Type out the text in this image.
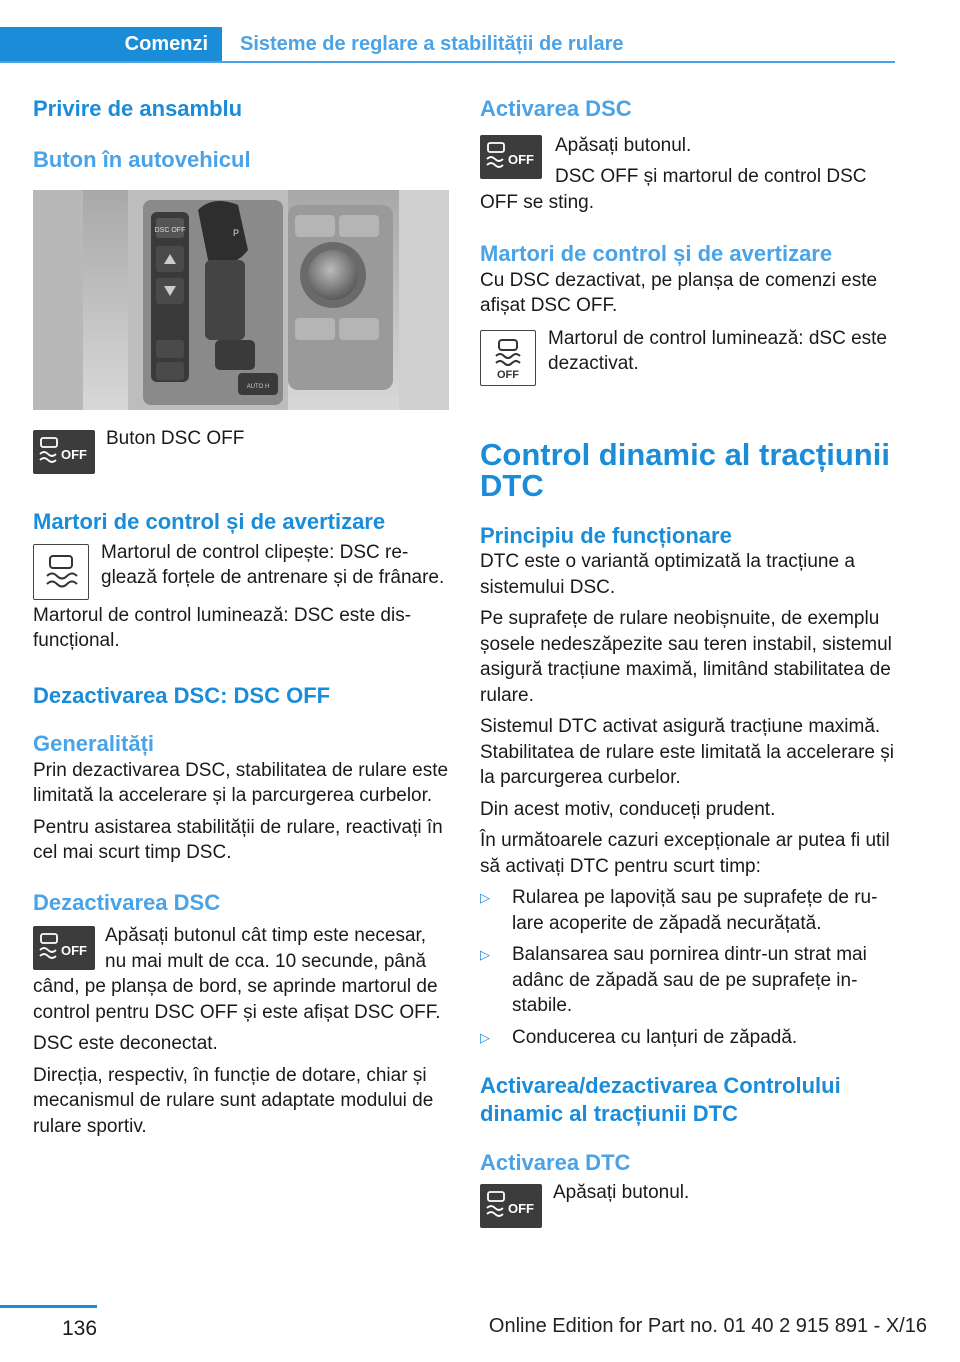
Comenzi	Sisteme de reglare a stabilității de rulare
Privire de ansamblu
Buton în autovehicul
DSC OFF	P
AUTO H
OFF

Buton DSC OFF

Martori de control și de avertizare

Martorul de control clipește: DSC reglează forțele de antrenare și de frânare.

Martorul de control luminează: DSC este disfuncțional.

Dezactivarea DSC: DSC OFF
Generalități

Prin dezactivarea DSC, stabilitatea de rulare este limitată la accelerare și la parcurgerea curbelor.

Pentru asistarea stabilității de rulare, reactivați în cel mai scurt timp DSC.

Dezactivarea DSC
OFF
Apăsați butonul cât timp este necesar, nu mai mult de cca. 10 secunde, până când, pe planșa de bord, se aprinde martorul de control pentru DSC OFF și este afișat DSC OFF.

DSC este deconectat.

Direcția, respectiv, în funcție de dotare, chiar și mecanismul de rulare sunt adaptate modului de rulare sportiv.

Activarea DSC
OFF
Apăsați butonul.
DSC OFF și martorul de control DSC OFF se sting.
Martori de control și de avertizare

Cu DSC dezactivat, pe planșa de comenzi este afișat DSC OFF.

OFF

Martorul de control luminează: dSC este dezactivat.

Control dinamic al tracțiunii DTC
Principiu de funcționare

DTC este o variantă optimizată la tracțiune a sistemului DSC.

Pe suprafețe de rulare neobișnuite, de exemplu șosele nedeszăpezite sau teren instabil, sistemul asigură tracțiune maximă, limitând stabilitatea de rulare.

Sistemul DTC activat asigură tracțiune maximă. Stabilitatea de rulare este limitată la accelerare și la parcurgerea curbelor.

Din acest motiv, conduceți prudent.

În următoarele cazuri excepționale ar putea fi util să activați DTC pentru scurt timp:

▷	Rularea pe lapoviță sau pe suprafețe de rulare acoperite de zăpadă necurățată.
▷	Balansarea sau pornirea dintr-un strat mai adânc de zăpadă sau de pe suprafețe instabile.
▷	Conducerea cu lanțuri de zăpadă.
Activarea/dezactivarea Controlului dinamic al tracțiunii DTC
Activarea DTC
OFF

Apăsați butonul.

136	Online Edition for Part no. 01 40 2 915 891 - X/16
